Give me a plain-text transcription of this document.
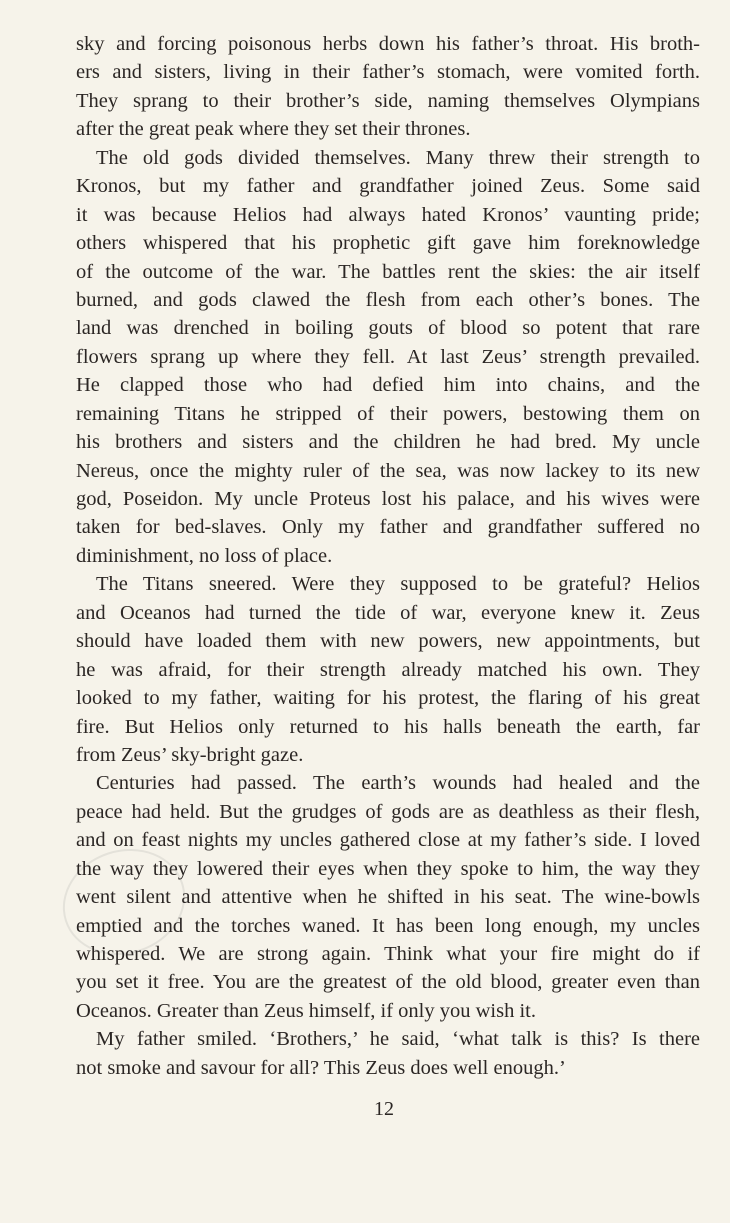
sky and forcing poisonous herbs down his father’s throat. His broth-
ers and sisters, living in their father’s stomach, were vomited forth.
They sprang to their brother’s side, naming themselves Olympians
after the great peak where they set their thrones.
The old gods divided themselves. Many threw their strength to
Kronos, but my father and grandfather joined Zeus. Some said
it was because Helios had always hated Kronos’ vaunting pride;
others whispered that his prophetic gift gave him foreknowledge
of the outcome of the war. The battles rent the skies: the air itself
burned, and gods clawed the flesh from each other’s bones. The
land was drenched in boiling gouts of blood so potent that rare
flowers sprang up where they fell. At last Zeus’ strength prevailed.
He clapped those who had defied him into chains, and the
remaining Titans he stripped of their powers, bestowing them on
his brothers and sisters and the children he had bred. My uncle
Nereus, once the mighty ruler of the sea, was now lackey to its new
god, Poseidon. My uncle Proteus lost his palace, and his wives were
taken for bed-slaves. Only my father and grandfather suffered no
diminishment, no loss of place.
The Titans sneered. Were they supposed to be grateful? Helios
and Oceanos had turned the tide of war, everyone knew it. Zeus
should have loaded them with new powers, new appointments, but
he was afraid, for their strength already matched his own. They
looked to my father, waiting for his protest, the flaring of his great
fire. But Helios only returned to his halls beneath the earth, far
from Zeus’ sky-bright gaze.
Centuries had passed. The earth’s wounds had healed and the
peace had held. But the grudges of gods are as deathless as their flesh,
and on feast nights my uncles gathered close at my father’s side. I loved
the way they lowered their eyes when they spoke to him, the way they
went silent and attentive when he shifted in his seat. The wine-bowls
emptied and the torches waned. It has been long enough, my uncles
whispered. We are strong again. Think what your fire might do if
you set it free. You are the greatest of the old blood, greater even than
Oceanos. Greater than Zeus himself, if only you wish it.
My father smiled. ‘Brothers,’ he said, ‘what talk is this? Is there
not smoke and savour for all? This Zeus does well enough.’
12
